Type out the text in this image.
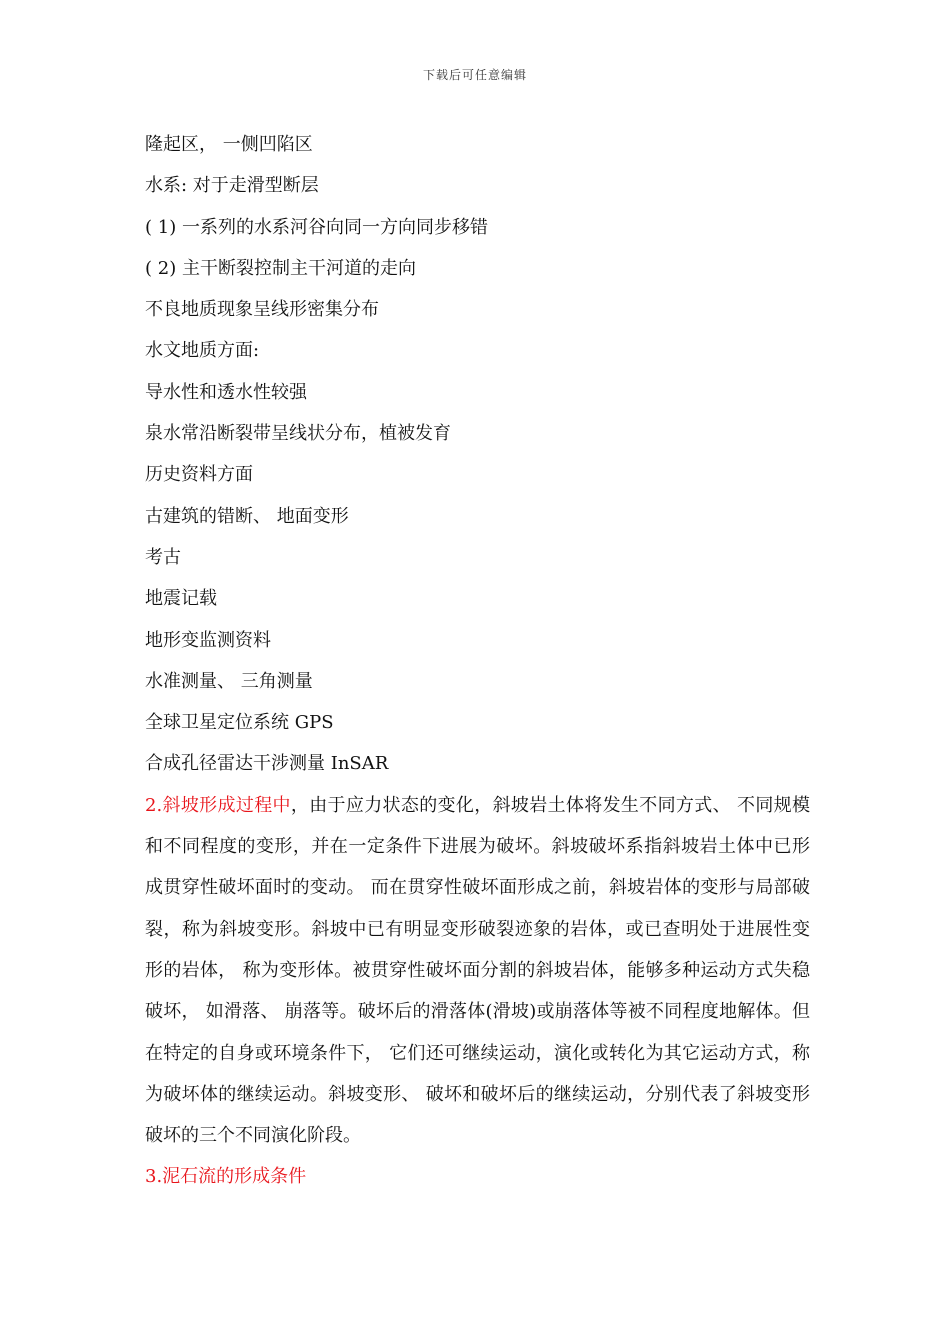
下载后可任意编辑
隆起区， 一侧凹陷区
水系: 对于走滑型断层
( 1) 一系列的水系河谷向同一方向同步移错
( 2) 主干断裂控制主干河道的走向
不良地质现象呈线形密集分布
水文地质方面:
导水性和透水性较强
泉水常沿断裂带呈线状分布，植被发育
历史资料方面
古建筑的错断、 地面变形
考古
地震记载
地形变监测资料
水准测量、 三角测量
全球卫星定位系统 GPS
合成孔径雷达干涉测量 InSAR
2.斜坡形成过程中，由于应力状态的变化，斜坡岩土体将发生不同方式、 不同规模和不同程度的变形，并在一定条件下进展为破坏。斜坡破坏系指斜坡岩土体中已形成贯穿性破坏面时的变动。 而在贯穿性破坏面形成之前，斜坡岩体的变形与局部破裂，称为斜坡变形。斜坡中已有明显变形破裂迹象的岩体，或已查明处于进展性变形的岩体， 称为变形体。被贯穿性破坏面分割的斜坡岩体，能够多种运动方式失稳破坏， 如滑落、 崩落等。破坏后的滑落体(滑坡)或崩落体等被不同程度地解体。但在特定的自身或环境条件下， 它们还可继续运动，演化或转化为其它运动方式，称为破坏体的继续运动。斜坡变形、 破坏和破坏后的继续运动，分别代表了斜坡变形破坏的三个不同演化阶段。
3.泥石流的形成条件
